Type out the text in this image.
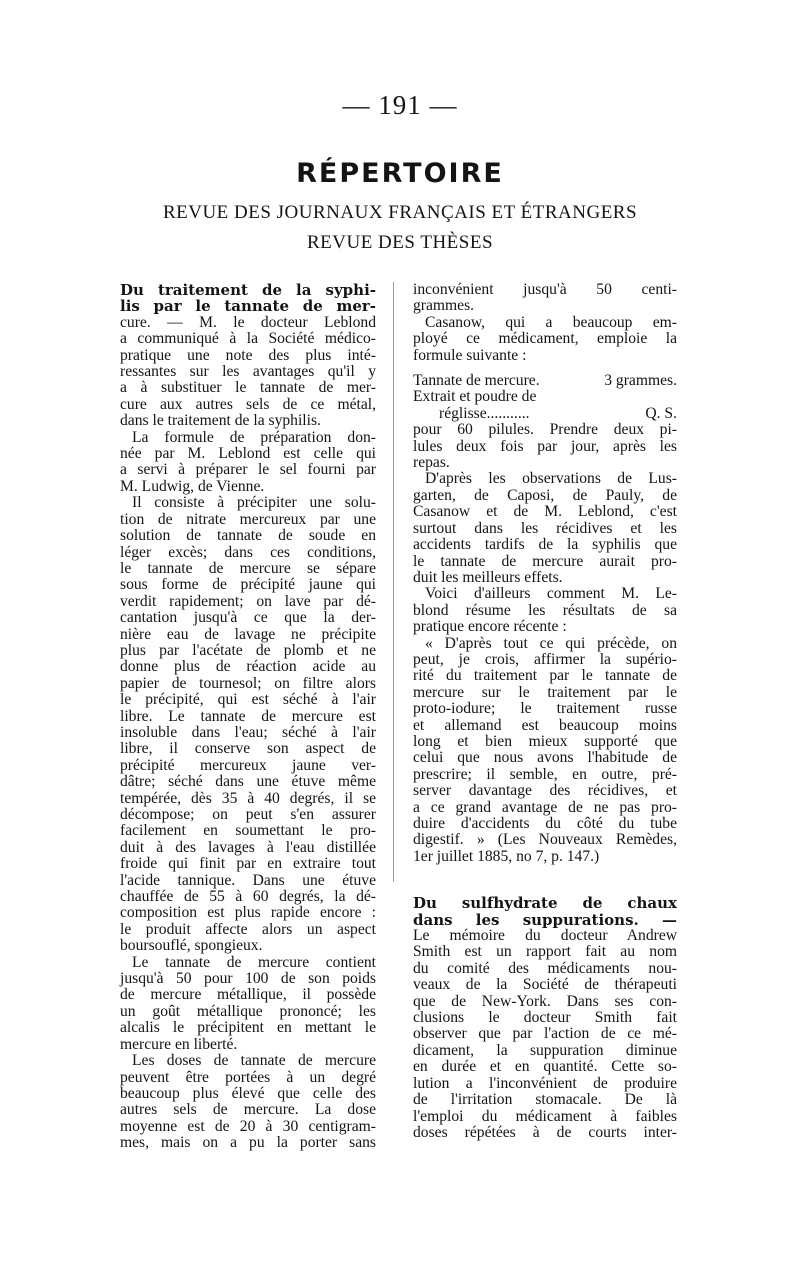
— 191 —
RÉPERTOIRE
REVUE DES JOURNAUX FRANÇAIS ET ÉTRANGERS
REVUE DES THÈSES
Du traitement de la syphi-
lis par le tannate de mer-
cure. — M. le docteur Leblond
a communiqué à la Société médico-
pratique une note des plus inté-
ressantes sur les avantages qu'il y
a à substituer le tannate de mer-
cure aux autres sels de ce métal,
dans le traitement de la syphilis.
La formule de préparation don-
née par M. Leblond est celle qui
a servi à préparer le sel fourni par
M. Ludwig, de Vienne.
Il consiste à précipiter une solu-
tion de nitrate mercureux par une
solution de tannate de soude en
léger excès; dans ces conditions,
le tannate de mercure se sépare
sous forme de précipité jaune qui
verdit rapidement; on lave par dé-
cantation jusqu'à ce que la der-
nière eau de lavage ne précipite
plus par l'acétate de plomb et ne
donne plus de réaction acide au
papier de tournesol; on filtre alors
le précipité, qui est séché à l'air
libre. Le tannate de mercure est
insoluble dans l'eau; séché à l'air
libre, il conserve son aspect de
précipité mercureux jaune ver-
dâtre; séché dans une étuve même
tempérée, dès 35 à 40 degrés, il se
décompose; on peut s'en assurer
facilement en soumettant le pro-
duit à des lavages à l'eau distillée
froide qui finit par en extraire tout
l'acide tannique. Dans une étuve
chauffée de 55 à 60 degrés, la dé-
composition est plus rapide encore :
le produit affecte alors un aspect
boursouflé, spongieux.
Le tannate de mercure contient
jusqu'à 50 pour 100 de son poids
de mercure métallique, il possède
un goût métallique prononcé; les
alcalis le précipitent en mettant le
mercure en liberté.
Les doses de tannate de mercure
peuvent être portées à un degré
beaucoup plus élevé que celle des
autres sels de mercure. La dose
moyenne est de 20 à 30 centigram-
mes, mais on a pu la porter sans
inconvénient jusqu'à 50 centi-
grammes.
Casanow, qui a beaucoup em-
ployé ce médicament, emploie la
formule suivante :
Tannate de mercure.	3 grammes.
Extrait et poudre de
réglisse...........	Q. S.
pour 60 pilules. Prendre deux pi-
lules deux fois par jour, après les
repas.
D'après les observations de Lus-
garten, de Caposi, de Pauly, de
Casanow et de M. Leblond, c'est
surtout dans les récidives et les
accidents tardifs de la syphilis que
le tannate de mercure aurait pro-
duit les meilleurs effets.
Voici d'ailleurs comment M. Le-
blond résume les résultats de sa
pratique encore récente :
« D'après tout ce qui précède, on
peut, je crois, affirmer la supério-
rité du traitement par le tannate de
mercure sur le traitement par le
proto-iodure; le traitement russe
et allemand est beaucoup moins
long et bien mieux supporté que
celui que nous avons l'habitude de
prescrire; il semble, en outre, pré-
server davantage des récidives, et
a ce grand avantage de ne pas pro-
duire d'accidents du côté du tube
digestif. » (Les Nouveaux Remèdes,
1er juillet 1885, no 7, p. 147.)
Du sulfhydrate de chaux
dans les suppurations. —
Le mémoire du docteur Andrew
Smith est un rapport fait au nom
du comité des médicaments nou-
veaux de la Société de thérapeuti
que de New-York. Dans ses con-
clusions le docteur Smith fait
observer que par l'action de ce mé-
dicament, la suppuration diminue
en durée et en quantité. Cette so-
lution a l'inconvénient de produire
de l'irritation stomacale. De là
l'emploi du médicament à faibles
doses répétées à de courts inter-
